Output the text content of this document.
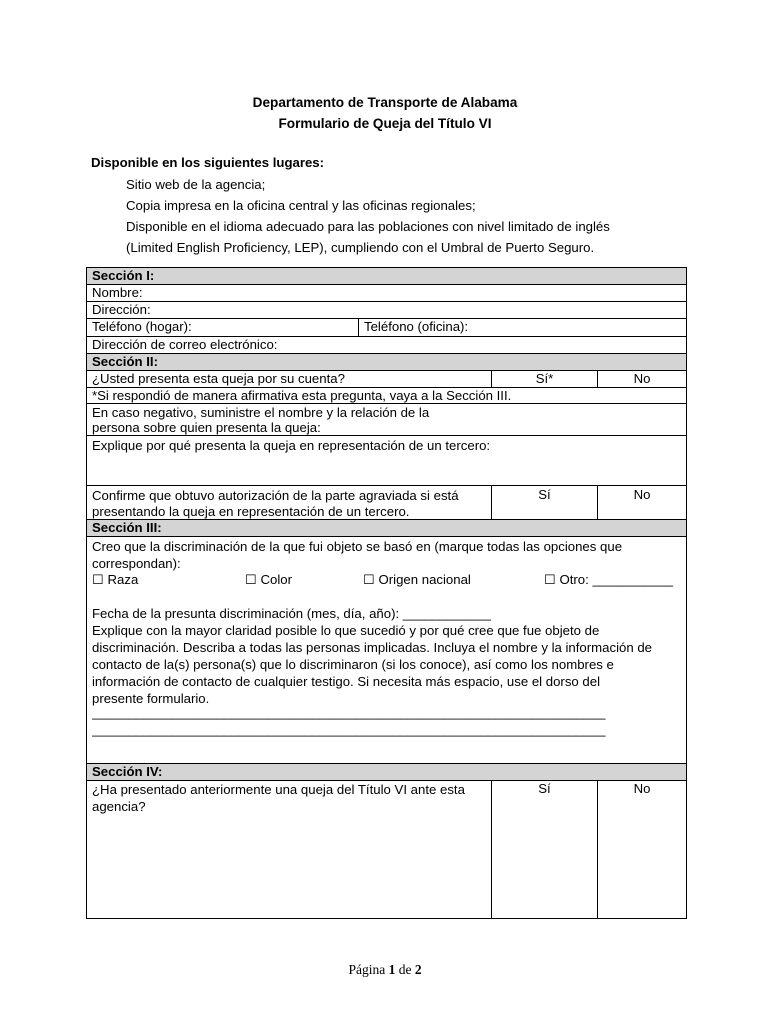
Departamento de Transporte de Alabama
Formulario de Queja del Título VI
Disponible en los siguientes lugares:
Sitio web de la agencia;
Copia impresa en la oficina central y las oficinas regionales;
Disponible en el idioma adecuado para las poblaciones con nivel limitado de inglés
(Limited English Proficiency, LEP), cumpliendo con el Umbral de Puerto Seguro.
Sección I:
Nombre:
Dirección:
Teléfono (hogar):	Teléfono (oficina):
Dirección de correo electrónico:
Sección II:
¿Usted presenta esta queja por su cuenta?	Sí*	No
*Si respondió de manera afirmativa esta pregunta, vaya a la Sección III.
En caso negativo, suministre el nombre y la relación de la
persona sobre quien presenta la queja:
Explique por qué presenta la queja en representación de un tercero:
Confirme que obtuvo autorización de la parte agraviada si está
presentando la queja en representación de un tercero.
Sí	No
Sección III:
Creo que la discriminación de la que fui objeto se basó en (marque todas las opciones que
correspondan):
☐ Raza	☐ Color	☐ Origen nacional	☐ Otro: ___________
Fecha de la presunta discriminación (mes, día, año): ____________
Explique con la mayor claridad posible lo que sucedió y por qué cree que fue objeto de
discriminación. Describa a todas las personas implicadas. Incluya el nombre y la información de
contacto de la(s) persona(s) que lo discriminaron (si los conoce), así como los nombres e
información de contacto de cualquier testigo. Si necesita más espacio, use el dorso del
presente formulario.
______________________________________________________________________
______________________________________________________________________
Sección IV:
¿Ha presentado anteriormente una queja del Título VI ante esta
agencia?
Sí	No
Página 1 de 2
